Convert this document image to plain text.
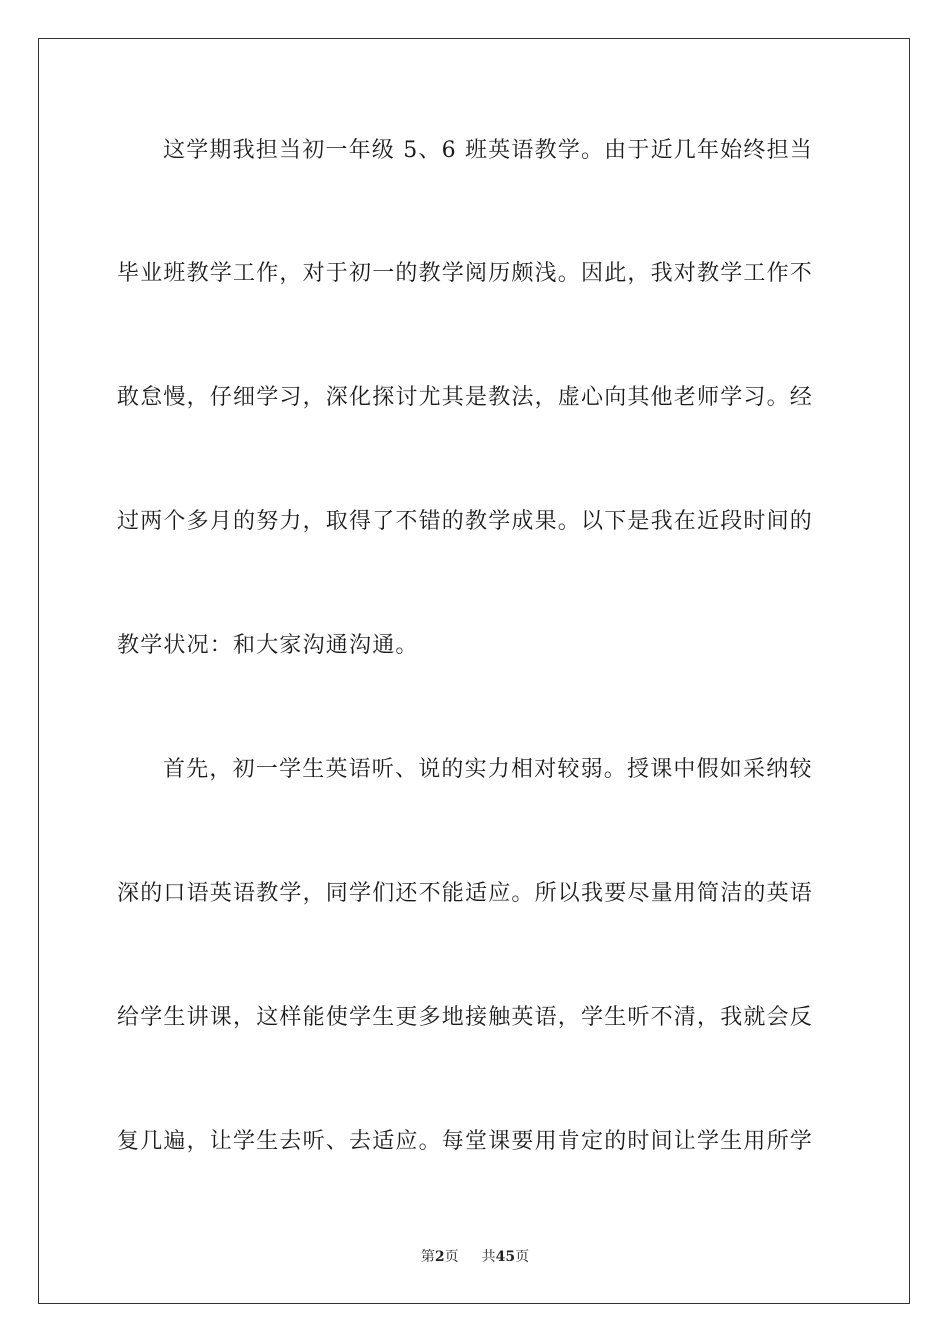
这学期我担当初一年级 5、6 班英语教学。由于近几年始终担当
毕业班教学工作，对于初一的教学阅历颇浅。因此，我对教学工作不
敢怠慢，仔细学习，深化探讨尤其是教法，虚心向其他老师学习。经
过两个多月的努力，取得了不错的教学成果。以下是我在近段时间的
教学状况：和大家沟通沟通。
首先，初一学生英语听、说的实力相对较弱。授课中假如采纳较
深的口语英语教学，同学们还不能适应。所以我要尽量用简洁的英语
给学生讲课，这样能使学生更多地接触英语，学生听不清，我就会反
复几遍，让学生去听、去适应。每堂课要用肯定的时间让学生用所学
第2页 共45页
